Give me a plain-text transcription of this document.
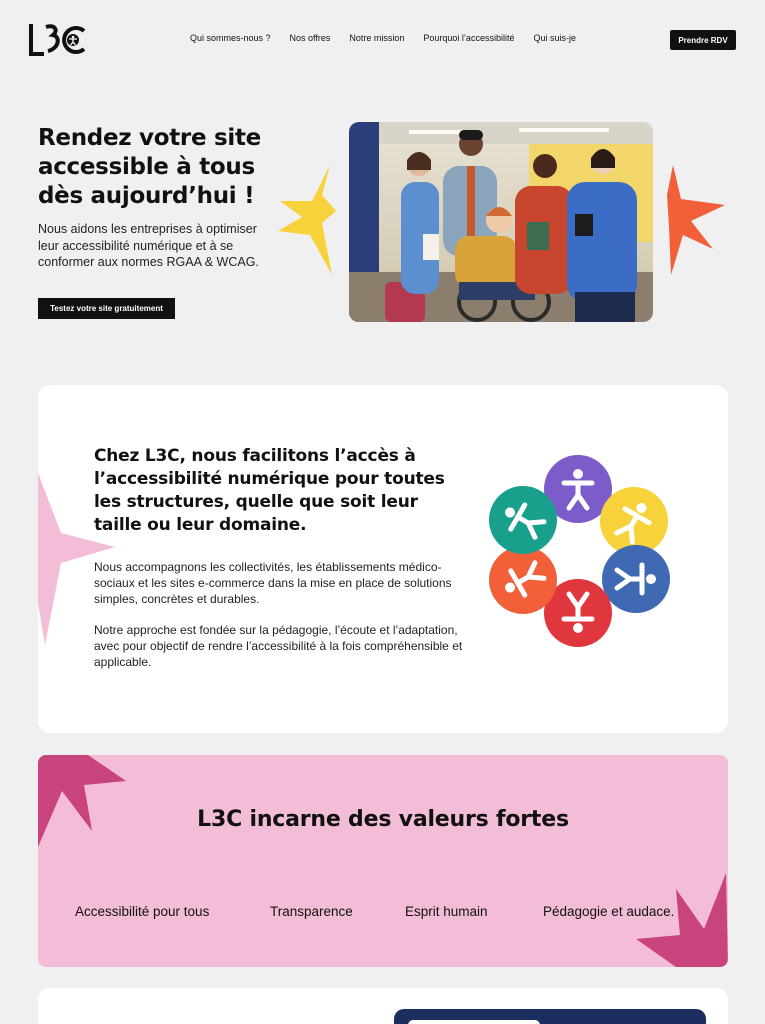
Qui sommes-nous ? Nos offres Notre mission Pourquoi l’accessibilité Qui suis-je	Prendre RDV
Rendez votre site accessible à tous dès aujourd’hui !

Nous aidons les entreprises à optimiser leur accessibilité numérique et à se conformer aux normes RGAA & WCAG.

Testez votre site gratuitement
Chez L3C, nous facilitons l’accès à l’accessibilité numérique pour toutes les structures, quelle que soit leur taille ou leur domaine.

Nous accompagnons les collectivités, les établissements médico-sociaux et les sites e-commerce dans la mise en place de solutions simples, concrètes et durables.

Notre approche est fondée sur la pédagogie, l’écoute et l’adaptation, avec pour objectif de rendre l’accessibilité à la fois compréhensible et applicable.

L3C incarne des valeurs fortes
Accessibilité pour tous	Transparence	Esprit humain	Pédagogie et audace.
